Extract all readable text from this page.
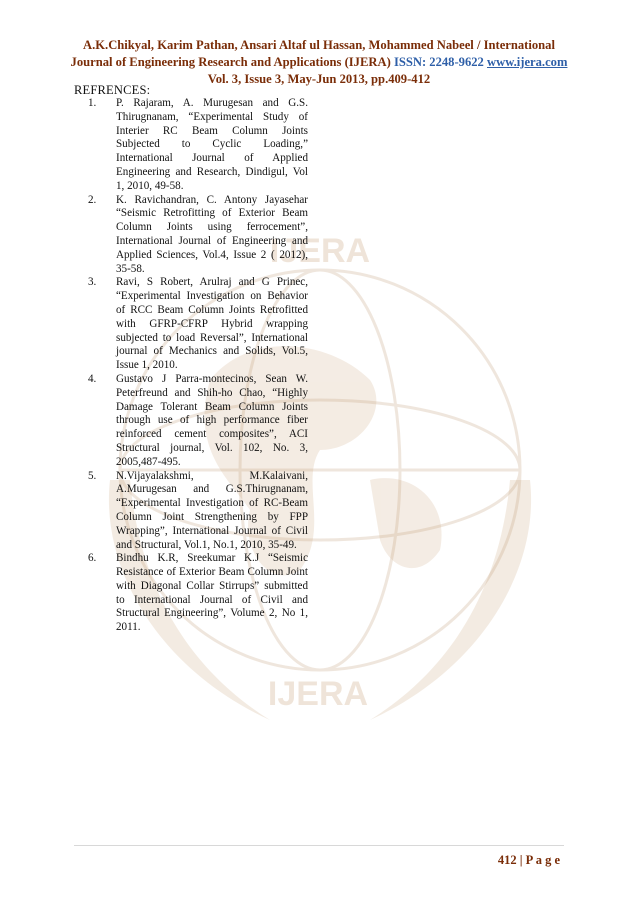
IJERA
IJERA
A.K.Chikyal, Karim Pathan, Ansari Altaf ul Hassan, Mohammed Nabeel / International
Journal of Engineering Research and Applications (IJERA) ISSN: 2248-9622 www.ijera.com
Vol. 3, Issue 3, May-Jun 2013, pp.409-412
REFRENCES:
1.	P. Rajaram, A. Murugesan and G.S. Thirugnanam, “Experimental Study of Interier RC Beam Column Joints Subjected to Cyclic Loading,” International Journal of Applied Engineering and Research, Dindigul, Vol 1, 2010, 49-58.
2.	K. Ravichandran, C. Antony Jayasehar “Seismic Retrofitting of Exterior Beam Column Joints using ferrocement”, International Journal of Engineering and Applied Sciences, Vol.4, Issue 2 ( 2012), 35-58.
3.	Ravi, S Robert, Arulraj and G Prinec, “Experimental Investigation on Behavior of RCC Beam Column Joints Retrofitted with GFRP-CFRP Hybrid wrapping subjected to load Reversal”, International journal of Mechanics and Solids, Vol.5, Issue 1, 2010.
4.	Gustavo J Parra-montecinos, Sean W. Peterfreund and Shih-ho Chao, “Highly Damage Tolerant Beam Column Joints through use of high performance fiber reinforced cement composites”, ACI Structural journal, Vol. 102, No. 3, 2005,487-495.
5.	N.Vijayalakshmi, M.Kalaivani, A.Murugesan and G.S.Thirugnanam, “Experimental Investigation of RC-Beam Column Joint Strengthening by FPP Wrapping”, International Journal of Civil and Structural, Vol.1, No.1, 2010, 35-49.
6.	Bindhu K.R, Sreekumar K.J “Seismic Resistance of Exterior Beam Column Joint with Diagonal Collar Stirrups” submitted to International Journal of Civil and Structural Engineering”, Volume 2, No 1, 2011.
412 | P a g e
